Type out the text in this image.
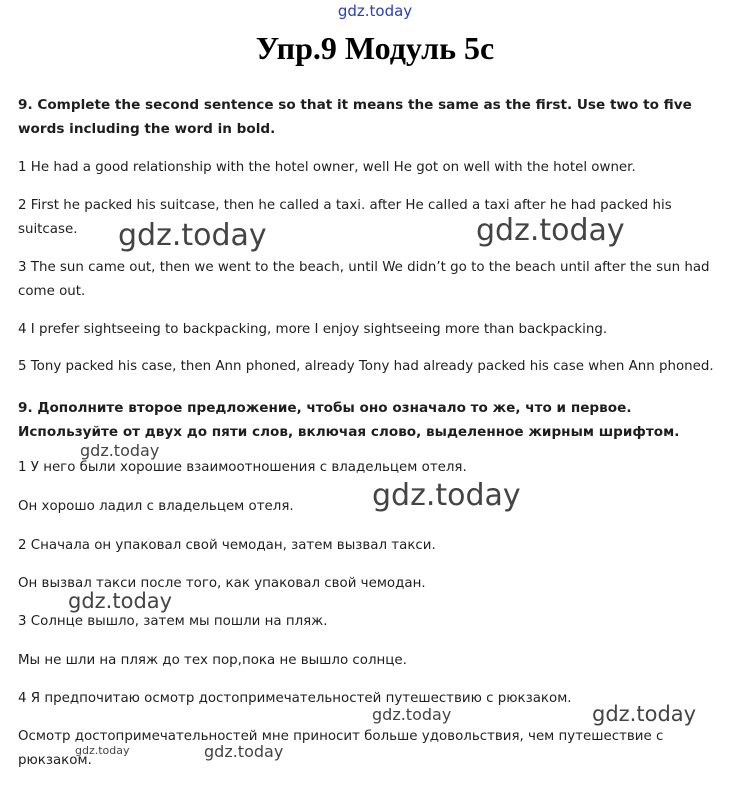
gdz.today
Упр.9 Модуль 5c

9. Complete the second sentence so that it means the same as the first. Use two to five words including the word in bold.

1 He had a good relationship with the hotel owner, well He got on well with the hotel owner.

2 First he packed his suitcase, then he called a taxi. after He called a taxi after he had packed his suitcase.

3 The sun came out, then we went to the beach, until We didn’t go to the beach until after the sun had come out.

4 I prefer sightseeing to backpacking, more I enjoy sightseeing more than backpacking.

5 Tony packed his case, then Ann phoned, already Tony had already packed his case when Ann phoned.

9. Дополните второе предложение, чтобы оно означало то же, что и первое. Используйте от двух до пяти слов, включая слово, выделенное жирным шрифтом.

1 У него были хорошие взаимоотношения с владельцем отеля.

Он хорошо ладил с владельцем отеля.

2 Сначала он упаковал свой чемодан, затем вызвал такси.

Он вызвал такси после того, как упаковал свой чемодан.

3 Солнце вышло, затем мы пошли на пляж.

Мы не шли на пляж до тех пор,пока не вышло солнце.

4 Я предпочитаю осмотр достопримечательностей путешествию с рюкзаком.

Осмотр достопримечательностей мне приносит больше удовольствия, чем путешествие с рюкзаком.

gdz.today	gdz.today
gdz.today
gdz.today
gdz.today
gdz.today	gdz.today
gdz.today	gdz.today
